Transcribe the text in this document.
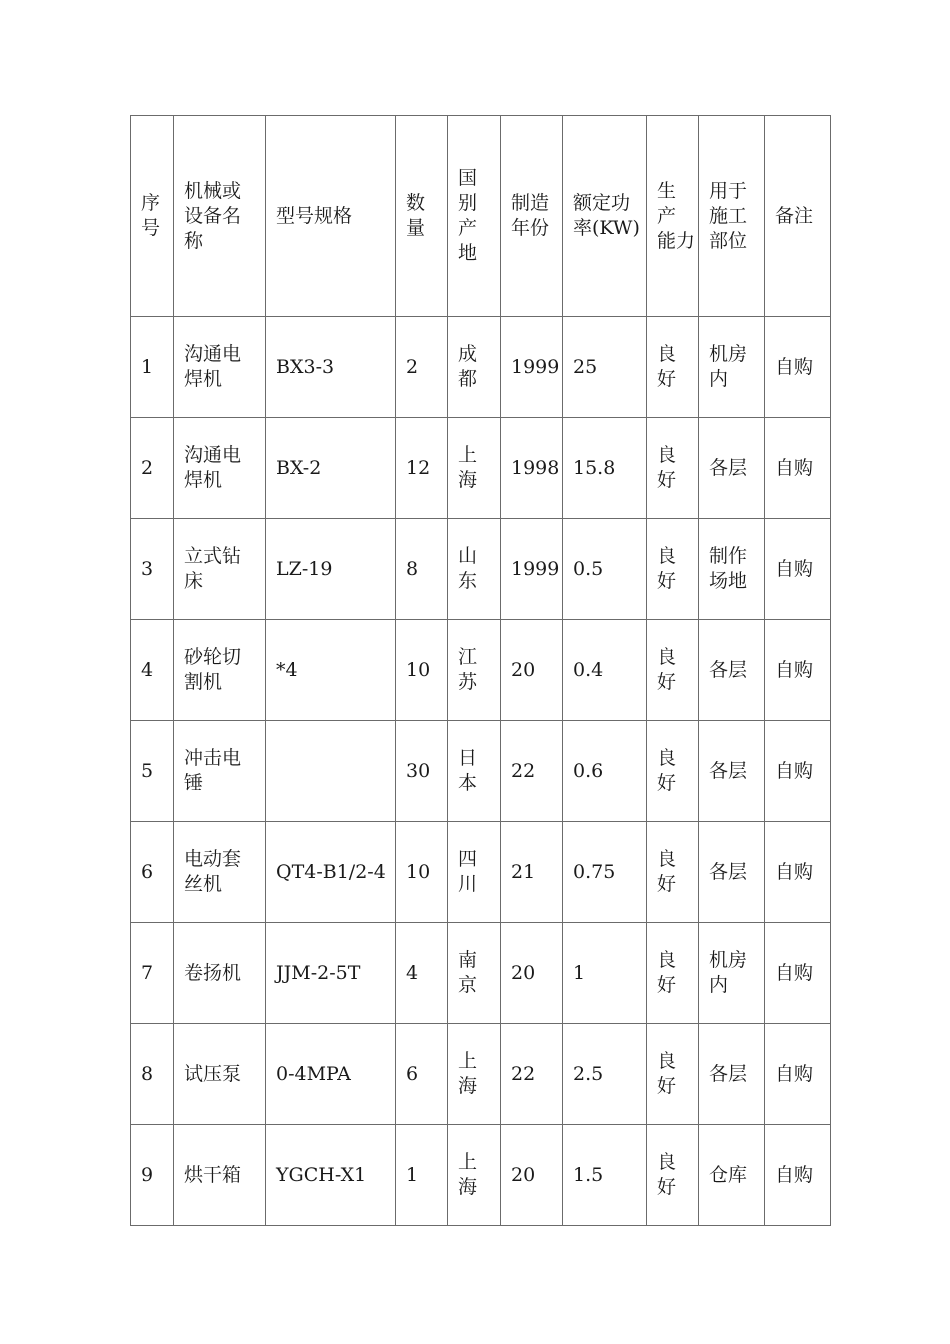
序
号	机械或
设备名
称	型号规格	数
量	国
别
产
地	制造
年份	额定功
率(KW)	生
产
能力	用于
施工
部位	备注
1	沟通电
焊机	BX3-3	2	成
都	1999	25	良
好	机房
内	自购
2	沟通电
焊机	BX-2	12	上
海	1998	15.8	良
好	各层	自购
3	立式钻
床	LZ-19	8	山
东	1999	0.5	良
好	制作
场地	自购
4	砂轮切
割机	*4	10	江
苏	20	0.4	良
好	各层	自购
5	冲击电
锤		30	日
本	22	0.6	良
好	各层	自购
6	电动套
丝机	QT4-B1/2-4	10	四
川	21	0.75	良
好	各层	自购
7	卷扬机	JJM-2-5T	4	南
京	20	1	良
好	机房
内	自购
8	试压泵	0-4MPA	6	上
海	22	2.5	良
好	各层	自购
9	烘干箱	YGCH-X1	1	上
海	20	1.5	良
好	仓库	自购
